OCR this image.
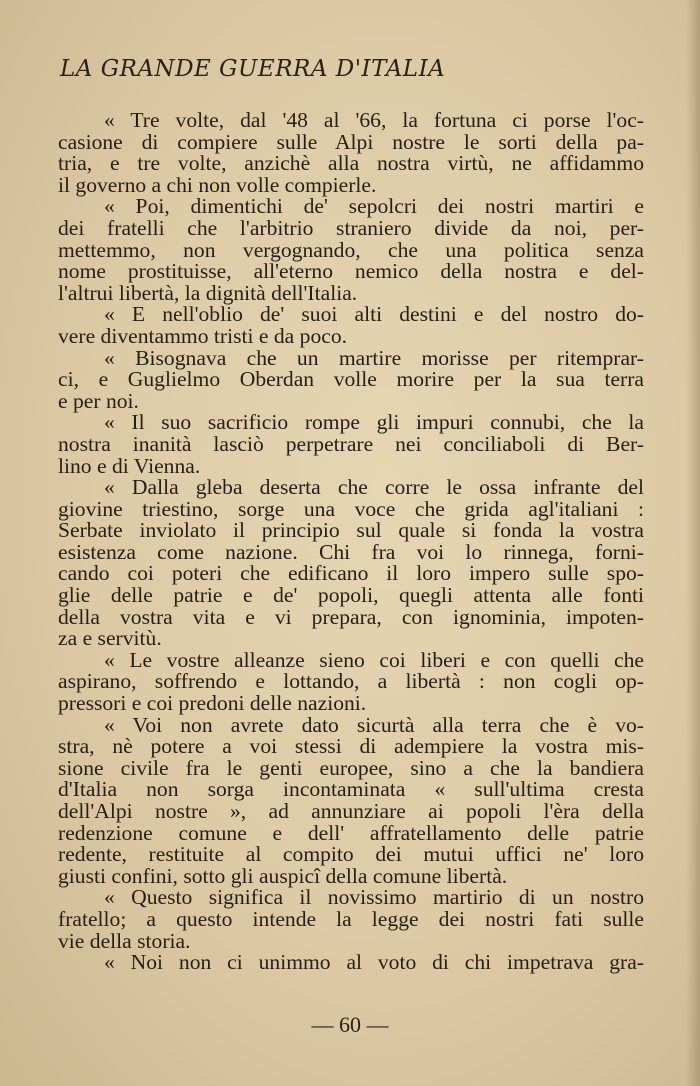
LA GRANDE GUERRA D'ITALIA
« Tre volte, dal '48 al '66, la fortuna ci porse l'oc-
casione di compiere sulle Alpi nostre le sorti della pa-
tria, e tre volte, anzichè alla nostra virtù, ne affidammo
il governo a chi non volle compierle.
« Poi, dimentichi de' sepolcri dei nostri martiri e
dei fratelli che l'arbitrio straniero divide da noi, per-
mettemmo, non vergognando, che una politica senza
nome prostituisse, all'eterno nemico della nostra e del-
l'altrui libertà, la dignità dell'Italia.
« E nell'oblio de' suoi alti destini e del nostro do-
vere diventammo tristi e da poco.
« Bisognava che un martire morisse per ritemprar-
ci, e Guglielmo Oberdan volle morire per la sua terra
e per noi.
« Il suo sacrificio rompe gli impuri connubi, che la
nostra inanità lasciò perpetrare nei conciliaboli di Ber-
lino e di Vienna.
« Dalla gleba deserta che corre le ossa infrante del
giovine triestino, sorge una voce che grida agl'italiani :
Serbate inviolato il principio sul quale si fonda la vostra
esistenza come nazione. Chi fra voi lo rinnega, forni-
cando coi poteri che edificano il loro impero sulle spo-
glie delle patrie e de' popoli, quegli attenta alle fonti
della vostra vita e vi prepara, con ignominia, impoten-
za e servitù.
« Le vostre alleanze sieno coi liberi e con quelli che
aspirano, soffrendo e lottando, a libertà : non cogli op-
pressori e coi predoni delle nazioni.
« Voi non avrete dato sicurtà alla terra che è vo-
stra, nè potere a voi stessi di adempiere la vostra mis-
sione civile fra le genti europee, sino a che la bandiera
d'Italia non sorga incontaminata « sull'ultima cresta
dell'Alpi nostre », ad annunziare ai popoli l'èra della
redenzione comune e dell' affratellamento delle patrie
redente, restituite al compito dei mutui uffici ne' loro
giusti confini, sotto gli auspicî della comune libertà.
« Questo significa il novissimo martirio di un nostro
fratello; a questo intende la legge dei nostri fati sulle
vie della storia.
« Noi non ci unimmo al voto di chi impetrava gra-

— 60 —
